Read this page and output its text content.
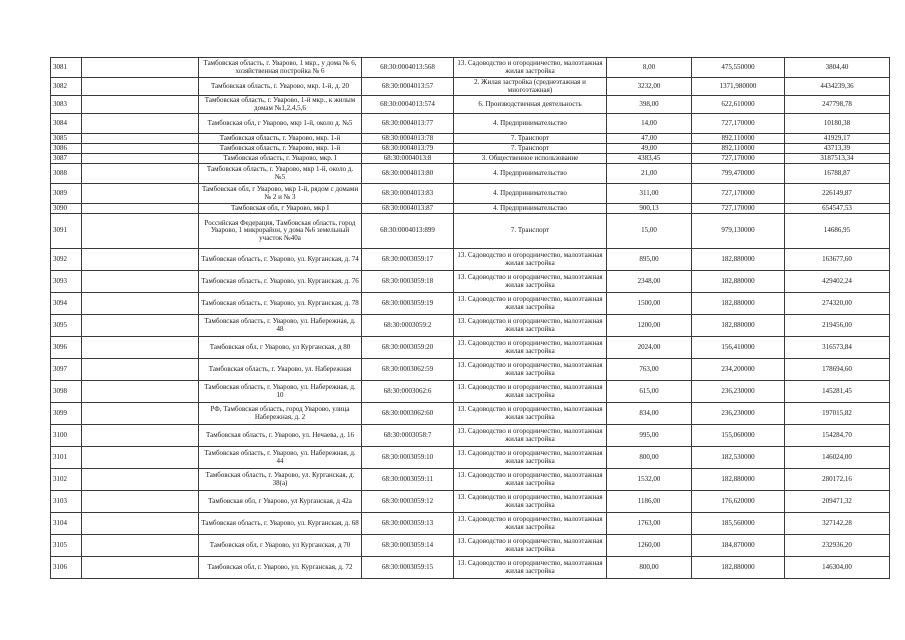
3081		Тамбовская область, г. Уварово, 1 мкр., у дома № 6, хозяйственная постройка № 6	68:30:0004013:568	13. Садоводство и огородничество, малоэтажная жилая застройка	8,00	475,550000	3804,40
3082		Тамбовская область, г. Уварово, мкр. 1-й, д. 20	68:30:0004013:57	2. Жилая застройка (среднеэтажная и многоэтажная)	3232,00	1371,980000	4434239,36
3083		Тамбовская область, г. Уварово, 1-й мкр., к жилым домам №1,2,4,5,6	68:30:0004013:574	6. Производственная деятельность	398,00	622,610000	247798,78
3084		Тамбовская обл, г Уварово, мкр 1-й, около д. №5	68:30:0004013:77	4. Предпринимательство	14,00	727,170000	10180,38
3085		Тамбовская область, г. Уварово, мкр. 1-й	68:30:0004013:78	7. Транспорт	47,00	892,110000	41929,17
3086		Тамбовская область, г. Уварово, мкр. 1-й	68:30:0004013:79	7. Транспорт	49,00	892,110000	43713,39
3087		Тамбовская область, г. Уварово, мкр. I	68:30:0004013:8	3. Общественное использование	4383,45	727,170000	3187513,34
3088		Тамбовская область, г. Уварово, мкр 1-й, около д. №5	68:30:0004013:80	4. Предпринимательство	21,00	799,470000	16788,87
3089		Тамбовская обл, г Уварово, мкр 1-й, рядом с домами № 2 и № 3	68:30:0004013:83	4. Предпринимательство	311,00	727,170000	226149,87
3090		Тамбовская обл, г Уварово, мкр I	68:30:0004013:87	4. Предпринимательство	900,13	727,170000	654547,53
3091		Российская Федерация, Тамбовская область, город Уварово, 1 микрорайон, у дома №6 земельный участок №40а	68:30:0004013:899	7. Транспорт	15,00	979,130000	14686,95
3092		Тамбовская область, г. Уварово, ул. Курганская, д. 74	68:30:0003059:17	13. Садоводство и огородничество, малоэтажная жилая застройка	895,00	182,880000	163677,60
3093		Тамбовская область, г. Уварово, ул. Курганская, д. 76	68:30:0003059:18	13. Садоводство и огородничество, малоэтажная жилая застройка	2348,00	182,880000	429402,24
3094		Тамбовская область, г. Уварово, ул. Курганская, д. 78	68:30:0003059:19	13. Садоводство и огородничество, малоэтажная жилая застройка	1500,00	182,880000	274320,00
3095		Тамбовская область, г. Уварово, ул. Набережная, д. 48	68:30:0003059:2	13. Садоводство и огородничество, малоэтажная жилая застройка	1200,00	182,880000	219456,00
3096		Тамбовская обл, г Уварово, ул Курганская, д 80	68:30:0003059:20	13. Садоводство и огородничество, малоэтажная жилая застройка	2024,00	156,410000	316573,84
3097		Тамбовская область, г. Уварово, ул. Набережная	68:30:0003062:59	13. Садоводство и огородничество, малоэтажная жилая застройка	763,00	234,200000	178694,60
3098		Тамбовская область, г. Уварово, ул. Набережная, д. 10	68:30:0003062:6	13. Садоводство и огородничество, малоэтажная жилая застройка	615,00	236,230000	145281,45
3099		РФ, Тамбовская область, город Уварово, улица Набережная, д. 2	68:30:0003062:60	13. Садоводство и огородничество, малоэтажная жилая застройка	834,00	236,230000	197015,82
3100		Тамбовская область, г. Уварово, ул. Нечаева, д. 16	68:30:0003058:7	13. Садоводство и огородничество, малоэтажная жилая застройка	995,00	155,060000	154284,70
3101		Тамбовская область, г. Уварово, ул. Набережная, д. 44	68:30:0003059:10	13. Садоводство и огородничество, малоэтажная жилая застройка	800,00	182,530000	146024,00
3102		Тамбовская область, г. Уварово, ул. Курганская, д. 38(а)	68:30:0003059:11	13. Садоводство и огородничество, малоэтажная жилая застройка	1532,00	182,880000	280172,16
3103		Тамбовская обл, г Уварово, ул Курганская, д 42а	68:30:0003059:12	13. Садоводство и огородничество, малоэтажная жилая застройка	1186,00	176,620000	209471,32
3104		Тамбовская область, г. Уварово, ул. Курганская, д. 68	68:30:0003059:13	13. Садоводство и огородничество, малоэтажная жилая застройка	1763,00	185,560000	327142,28
3105		Тамбовская обл, г Уварово, ул Курганская, д 70	68:30:0003059:14	13. Садоводство и огородничество, малоэтажная жилая застройка	1260,00	184,870000	232936,20
3106		Тамбовская обл, г. Уварово, ул. Курганская, д. 72	68:30:0003059:15	13. Садоводство и огородничество, малоэтажная жилая застройка	800,00	182,880000	146304,00
